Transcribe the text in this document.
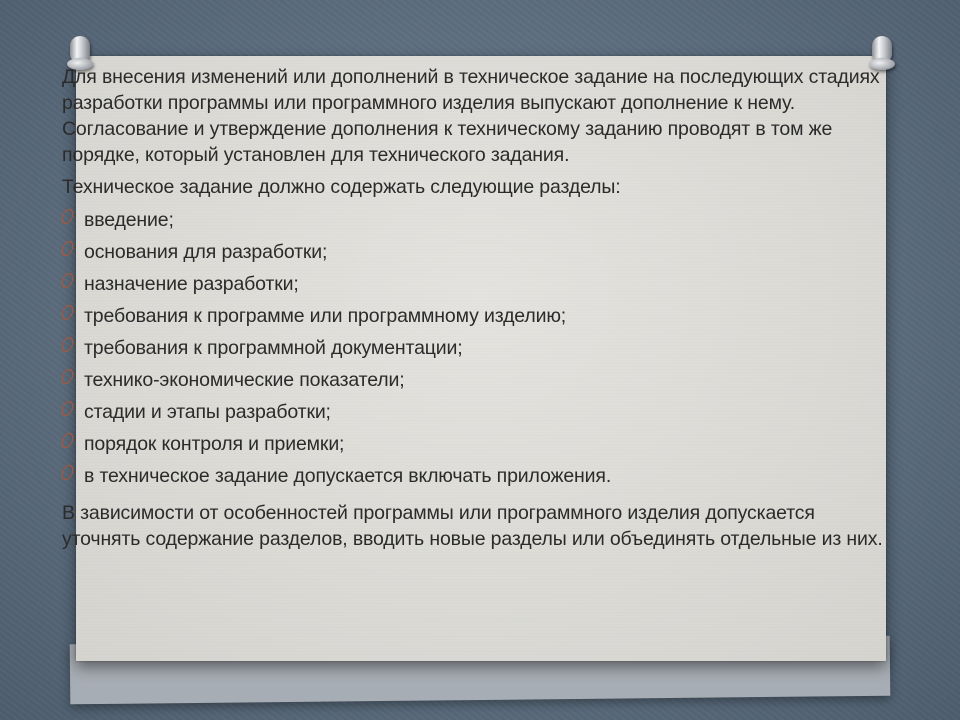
Для внесения изменений или дополнений в техническое задание на последующих стадиях разработки программы или программного изделия выпускают дополнение к нему. Согласование и утверждение дополнения к техническому заданию проводят в том же порядке, который установлен для технического задания.

Техническое задание должно содержать следующие разделы:

введение;
основания для разработки;
назначение разработки;
требования к программе или программному изделию;
требования к программной документации;
технико-экономические показатели;
стадии и этапы разработки;
порядок контроля и приемки;
в техническое задание допускается включать приложения.

В зависимости от особенностей программы или программного изделия допускается уточнять содержание разделов, вводить новые разделы или объединять отдельные из них.
